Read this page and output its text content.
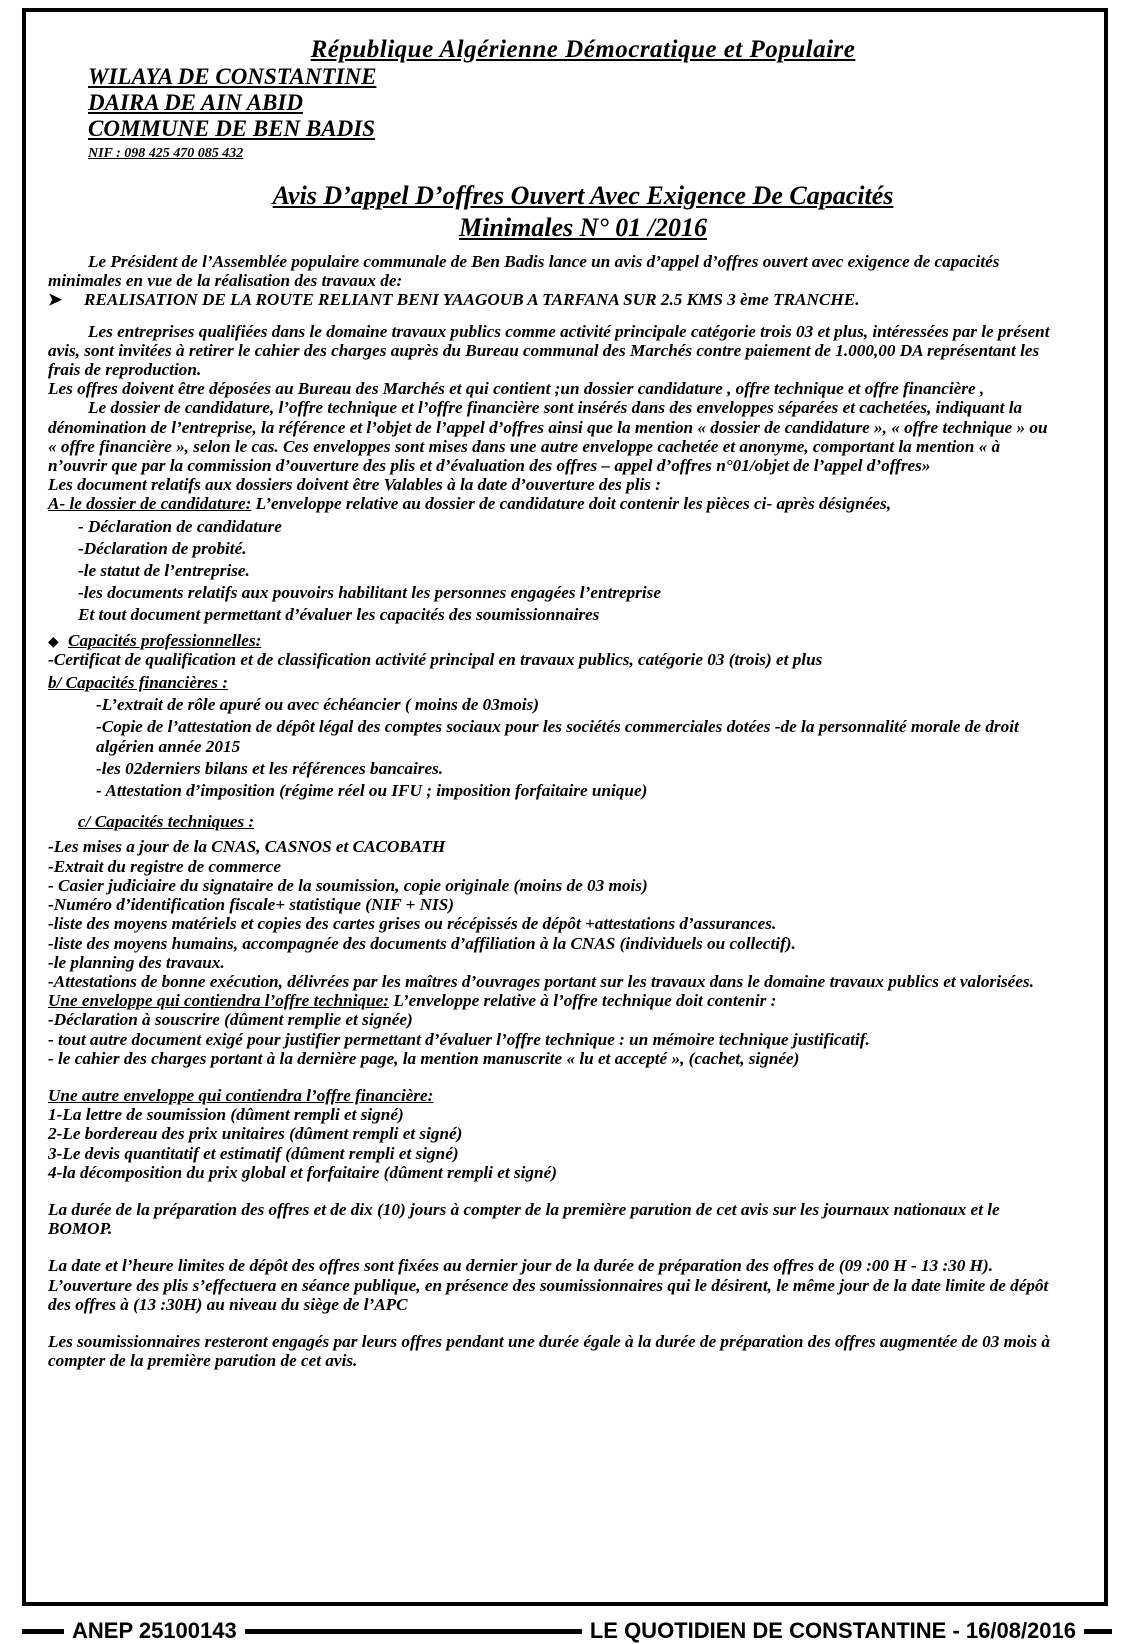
République Algérienne Démocratique et Populaire
WILAYA DE CONSTANTINE
DAIRA DE AIN ABID
COMMUNE DE BEN BADIS
NIF : 098 425 470 085 432
Avis D’appel D’offres Ouvert Avec Exigence De Capacités
Minimales N° 01 /2016

Le Président de l’Assemblée populaire communale de Ben Badis lance un avis d’appel d’offres ouvert avec exigence de capacités minimales en vue de la réalisation des travaux de:

➤ REALISATION DE LA ROUTE RELIANT BENI YAAGOUB A TARFANA SUR 2.5 KMS 3 ème TRANCHE.

Les entreprises qualifiées dans le domaine travaux publics comme activité principale catégorie trois 03 et plus, intéressées par le présent avis, sont invitées à retirer le cahier des charges auprès du Bureau communal des Marchés contre paiement de 1.000,00 DA représentant les frais de reproduction.

Les offres doivent être déposées au Bureau des Marchés et qui contient ;un dossier candidature , offre technique et offre financière ,

Le dossier de candidature, l’offre technique et l’offre financière sont insérés dans des enveloppes séparées et cachetées, indiquant la dénomination de l’entreprise, la référence et l’objet de l’appel d’offres ainsi que la mention « dossier de candidature », « offre technique » ou « offre financière », selon le cas. Ces enveloppes sont mises dans une autre enveloppe cachetée et anonyme, comportant la mention « à n’ouvrir que par la commission d’ouverture des plis et d’évaluation des offres – appel d’offres n°01/objet de l’appel d’offres»

Les document relatifs aux dossiers doivent être Valables à la date d’ouverture des plis :

A- le dossier de candidature: L’enveloppe relative au dossier de candidature doit contenir les pièces ci- après désignées,

- Déclaration de candidature
-Déclaration de probité.
-le statut de l’entreprise.
-les documents relatifs aux pouvoirs habilitant les personnes engagées l’entreprise
Et tout document permettant d’évaluer les capacités des soumissionnaires

◆ Capacités professionnelles:

-Certificat de qualification et de classification activité principal en travaux publics, catégorie 03 (trois) et plus

b/ Capacités financières :

-L’extrait de rôle apuré ou avec échéancier ( moins de 03mois)
-Copie de l’attestation de dépôt légal des comptes sociaux pour les sociétés commerciales dotées -de la personnalité morale de droit algérien année 2015
-les 02derniers bilans et les références bancaires.
- Attestation d’imposition (régime réel ou IFU ; imposition forfaitaire unique)

c/ Capacités techniques :

-Les mises a jour de la CNAS, CASNOS et CACOBATH

-Extrait du registre de commerce

- Casier judiciaire du signataire de la soumission, copie originale (moins de 03 mois)

-Numéro d’identification fiscale+ statistique (NIF + NIS)

-liste des moyens matériels et copies des cartes grises ou récépissés de dépôt +attestations d’assurances.

-liste des moyens humains, accompagnée des documents d’affiliation à la CNAS (individuels ou collectif).

-le planning des travaux.

-Attestations de bonne exécution, délivrées par les maîtres d’ouvrages portant sur les travaux dans le domaine travaux publics et valorisées.

Une enveloppe qui contiendra l’offre technique: L’enveloppe relative à l’offre technique doit contenir :

-Déclaration à souscrire (dûment remplie et signée)

- tout autre document exigé pour justifier permettant d’évaluer l’offre technique : un mémoire technique justificatif.

- le cahier des charges portant à la dernière page, la mention manuscrite « lu et accepté », (cachet, signée)

Une autre enveloppe qui contiendra l’offre financière:

1-La lettre de soumission (dûment rempli et signé)

2-Le bordereau des prix unitaires (dûment rempli et signé)

3-Le devis quantitatif et estimatif (dûment rempli et signé)

4-la décomposition du prix global et forfaitaire (dûment rempli et signé)

La durée de la préparation des offres et de dix (10) jours à compter de la première parution de cet avis sur les journaux nationaux et le BOMOP.

La date et l’heure limites de dépôt des offres sont fixées au dernier jour de la durée de préparation des offres de (09 :00 H - 13 :30 H).

L’ouverture des plis s’effectuera en séance publique, en présence des soumissionnaires qui le désirent, le même jour de la date limite de dépôt des offres à (13 :30H) au niveau du siège de l’APC

Les soumissionnaires resteront engagés par leurs offres pendant une durée égale à la durée de préparation des offres augmentée de 03 mois à compter de la première parution de cet avis.

ANEP 25100143	LE QUOTIDIEN DE CONSTANTINE - 16/08/2016
